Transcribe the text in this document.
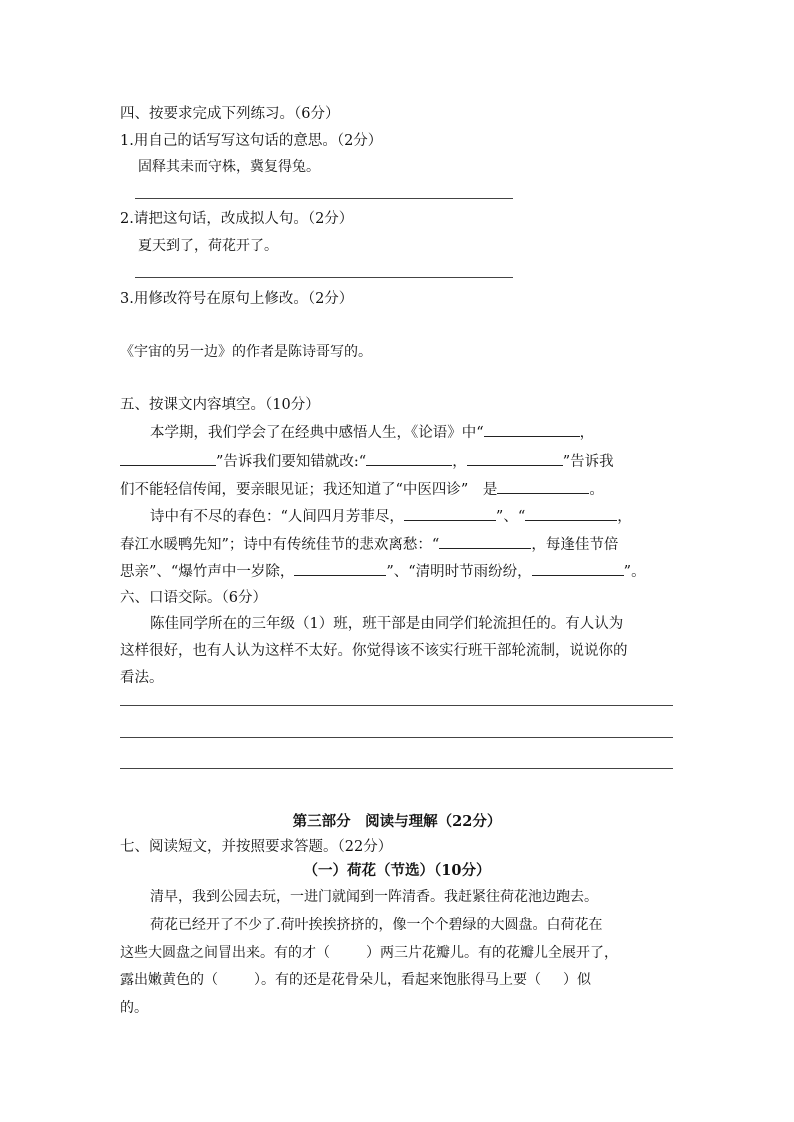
四、按要求完成下列练习。（6分）
1.用自己的话写写这句话的意思。（2分）
固释其耒而守株，冀复得兔。
2.请把这句话，改成拟人句。（2分）
夏天到了，荷花开了。
3.用修改符号在原句上修改。（2分）
《宇宙的另一边》的作者是陈诗哥写的。
五、按课文内容填空。（10分）
本学期，我们学会了在经典中感悟人生，《论语》中“	，
”告诉我们要知错就改:“	，	”告诉我
们不能轻信传闻，要亲眼见证；我还知道了“中医四诊”　是	。
诗中有不尽的春色：“人间四月芳菲尽，	”、“	，
春江水暖鸭先知”；诗中有传统佳节的悲欢离愁：“	，每逢佳节倍
思亲”、“爆竹声中一岁除，	”、“清明时节雨纷纷，	”。
六、口语交际。（6分）
陈佳同学所在的三年级（1）班，班干部是由同学们轮流担任的。有人认为
这样很好，也有人认为这样不太好。你觉得该不该实行班干部轮流制，说说你的
看法。
第三部分　阅读与理解（22分）
七、阅读短文，并按照要求答题。（22分）
（一）荷花（节选）（10分）
清早，我到公园去玩，一进门就闻到一阵清香。我赶紧往荷花池边跑去。
荷花已经开了不少了.荷叶挨挨挤挤的，像一个个碧绿的大圆盘。白荷花在
这些大圆盘之间冒出来。有的才（	）两三片花瓣儿。有的花瓣儿全展开了，
露出嫩黄色的（	）。有的还是花骨朵儿，看起来饱胀得马上要（ ）似
的。
